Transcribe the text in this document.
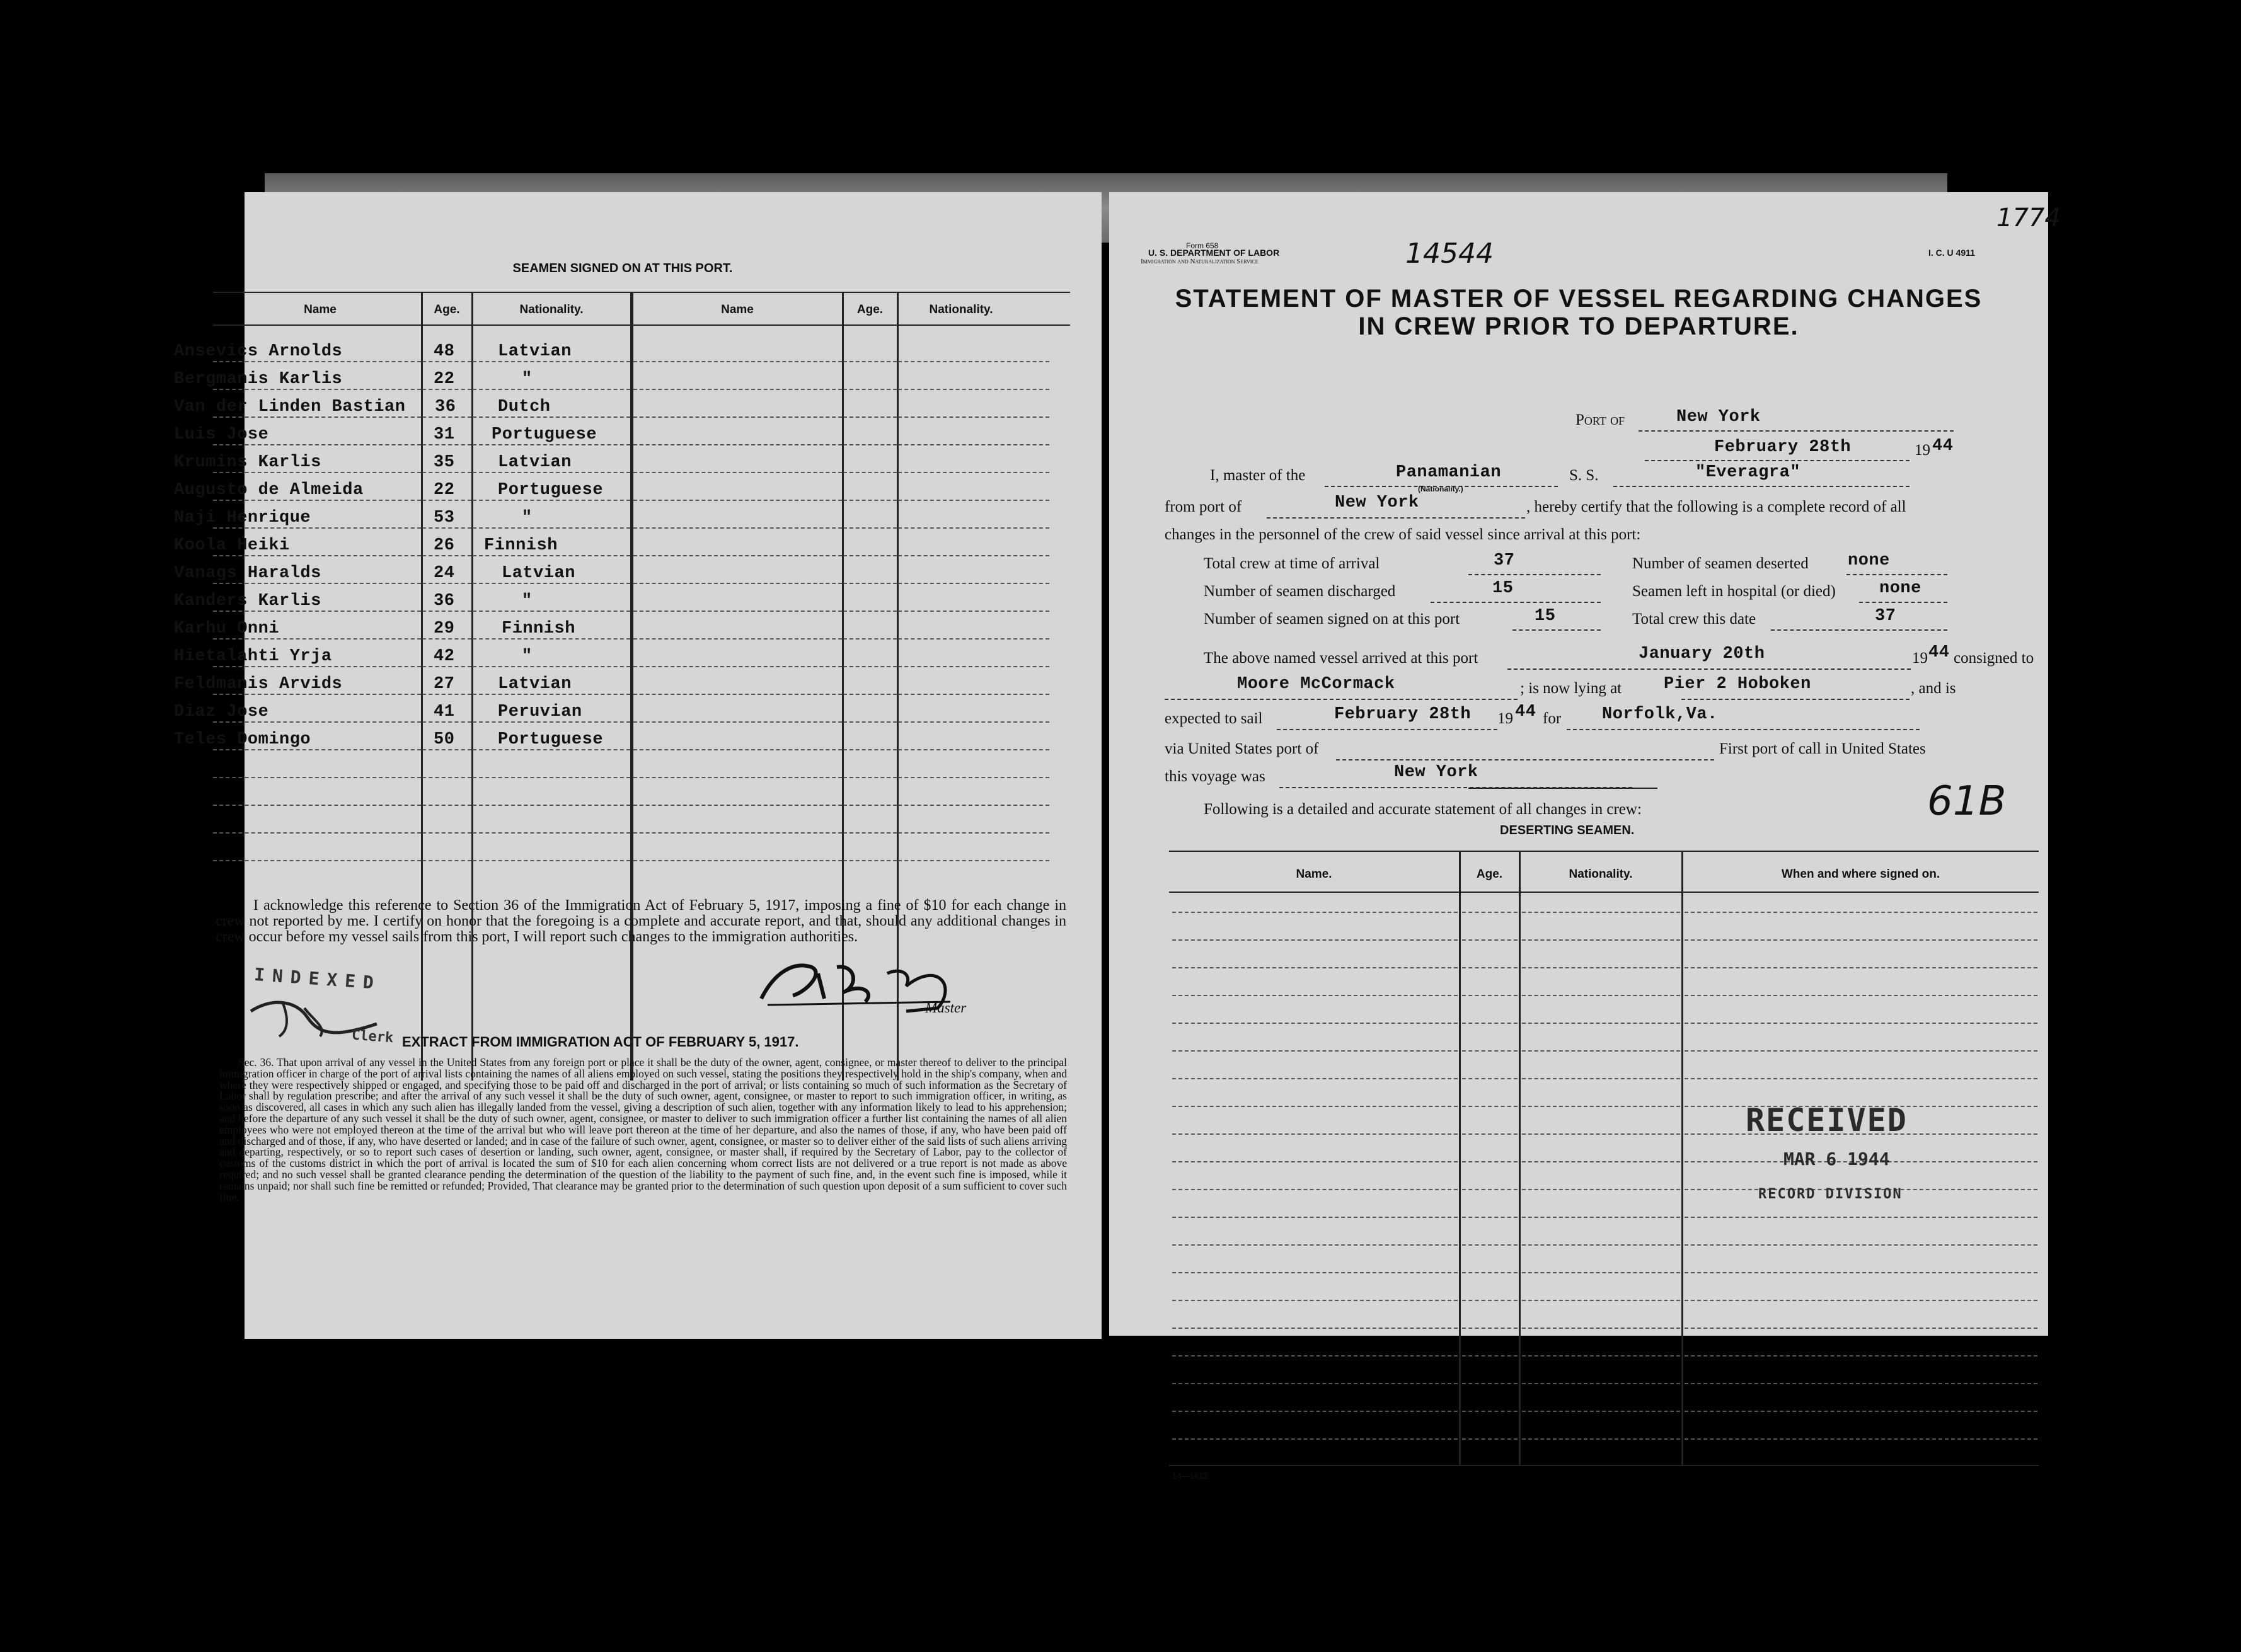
SEAMEN SIGNED ON AT THIS PORT.
Name	Age.	Nationality.	Name	Age.	Nationality.
Ansevics Arnolds	48	Latvian
Bergmanis Karlis	22	"
Van der Linden Bastian 36 Dutch
Luis Jose	31 Portuguese
Krumins Karlis	35	Latvian
Augusto de Almeida	22	Portuguese
Naji Henrique	53	"
Koola Heiki	26 Finnish
Vanags Haralds	24	Latvian
Kanders Karlis	36	"
Karhu Onni	29	Finnish
Hietalahti Yrja	42	"
Feldmanis Arvids	27	Latvian
Diaz Jose	41	Peruvian
Teles Domingo	50	Portuguese
I acknowledge this reference to Section 36 of the Immigration Act of February 5, 1917, imposing a fine of $10 for each change in crew not reported by me. I certify on honor that the foregoing is a complete and accurate report, and that, should any additional changes in crew occur before my vessel sails from this port, I will report such changes to the immigration authorities.
INDEXED
Clerk
Master
EXTRACT FROM IMMIGRATION ACT OF FEBRUARY 5, 1917.
Sec. 36. That upon arrival of any vessel in the United States from any foreign port or place it shall be the duty of the owner, agent, consignee, or master thereof to deliver to the principal immigration officer in charge of the port of arrival lists containing the names of all aliens employed on such vessel, stating the positions they respectively hold in the ship's company, when and where they were respectively shipped or engaged, and specifying those to be paid off and discharged in the port of arrival; or lists containing so much of such information as the Secretary of Labor shall by regulation prescribe; and after the arrival of any such vessel it shall be the duty of such owner, agent, consignee, or master to report to such immigration officer, in writing, as soon as discovered, all cases in which any such alien has illegally landed from the vessel, giving a description of such alien, together with any information likely to lead to his apprehension; and before the departure of any such vessel it shall be the duty of such owner, agent, consignee, or master to deliver to such immigration officer a further list containing the names of all alien employees who were not employed thereon at the time of the arrival but who will leave port thereon at the time of her departure, and also the names of those, if any, who have been paid off and discharged and of those, if any, who have deserted or landed; and in case of the failure of such owner, agent, consignee, or master so to deliver either of the said lists of such aliens arriving and departing, respectively, or so to report such cases of desertion or landing, such owner, agent, consignee, or master shall, if required by the Secretary of Labor, pay to the collector of customs of the customs district in which the port of arrival is located the sum of $10 for each alien concerning whom correct lists are not delivered or a true report is not made as above required; and no such vessel shall be granted clearance pending the determination of the question of the liability to the payment of such fine, and, in the event such fine is imposed, while it remains unpaid; nor shall such fine be remitted or refunded; Provided, That clearance may be granted prior to the determination of such question upon deposit of a sum sufficient to cover such fine.
Form 658
U. S. DEPARTMENT OF LABOR
Immigration and Naturalization Service	14544	I. C. U 4911
1774
STATEMENT OF MASTER OF VESSEL REGARDING CHANGES
IN CREW PRIOR TO DEPARTURE.
Port of	New York
February 28th	19 44
I, master of the	Panamanian
(Nationality.)
S. S.	"Everagra"
from port of	New York	, hereby certify that the following is a complete record of all
changes in the personnel of the crew of said vessel since arrival at this port:
Total crew at time of arrival	37	Number of seamen deserted none
Number of seamen discharged	15	Seamen left in hospital (or died)	none
Number of seamen signed on at this port	15	Total crew this date	37
The above named vessel arrived at this port	January 20th	19 44 consigned to
Moore McCormack	; is now lying at Pier 2 Hoboken	, and is
expected to sail	February 28th 19 44 for Norfolk,Va.
via United States port of	First port of call in United States
this voyage was	New York
Following is a detailed and accurate statement of all changes in crew:	61B
DESERTING SEAMEN.
Name.	Age.	Nationality.	When and where signed on.
RECEIVED
MAR 6 1944
RECORD DIVISION
14—1613
